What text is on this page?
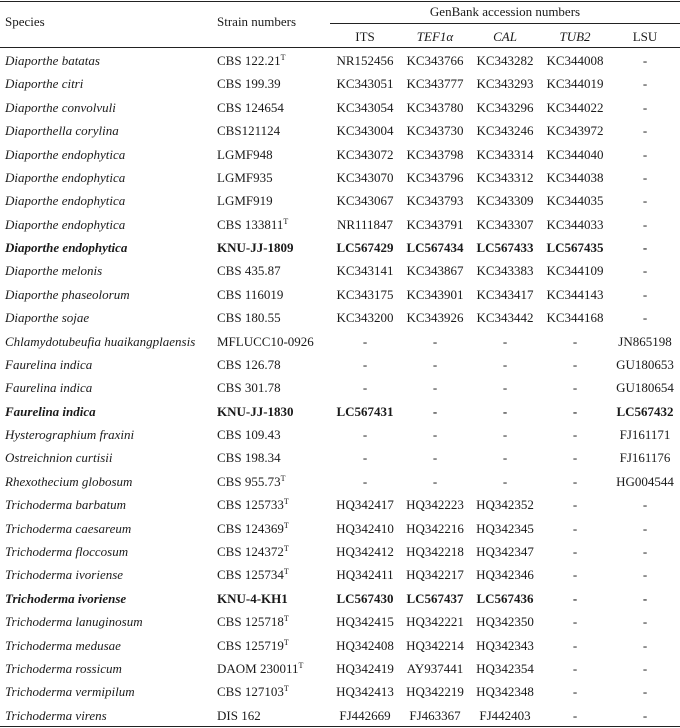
Species	Strain numbers
GenBank accession numbers
ITS	TEF1α	CAL	TUB2	LSU
Diaporthe batatas	CBS $122.21^T$	NR152456 KC343766 KC343282 KC344008	-
Diaporthe citri	CBS 199.39	KC343051 KC343777 KC343293 KC344019	-
Diaporthe convolvuli	CBS 124654	KC343054 KC343780 KC343296 KC344022	-
Diaporthella corylina	CBS121124	KC343004 KC343730 KC343246 KC343972	-
Diaporthe endophytica	LGMF948	KC343072 KC343798 KC343314 KC344040	-
Diaporthe endophytica	LGMF935	KC343070 KC343796 KC343312 KC344038	-
Diaporthe endophytica	LGMF919	KC343067 KC343793 KC343309 KC344035	-
Diaporthe endophytica	CBS $133811^T$	NR111847	KC343791 KC343307 KC344033	-
Diaporthe endophytica	KNU-JJ-1809	LC567429 LC567434 LC567433 LC567435	-
Diaporthe melonis	CBS 435.87	KC343141 KC343867 KC343383 KC344109	-
Diaporthe phaseolorum	CBS 116019	KC343175 KC343901 KC343417 KC344143	-
Diaporthe sojae	CBS 180.55	KC343200 KC343926 KC343442 KC344168	-
Chlamydotubeufia huaikangplaensis MFLUCC10-0926	-	-	-	-	JN865198
Faurelina indica	CBS 126.78	-	-	-	-	GU180653
Faurelina indica	CBS 301.78	-	-	-	-	GU180654
Faurelina indica	KNU-JJ-1830	LC567431	-	-	-	LC567432
Hysterographium fraxini	CBS 109.43	-	-	-	-	FJ161171
Ostreichnion curtisii	CBS 198.34	-	-	-	-	FJ161176
Rhexothecium globosum	CBS $955.73^T$	-	-	-	-	HG004544
Trichoderma barbatum	CBS $125733^T$	HQ342417 HQ342223 HQ342352	-	-
Trichoderma caesareum	CBS $124369^T$	HQ342410 HQ342216 HQ342345	-	-
Trichoderma floccosum	CBS $124372^T$	HQ342412 HQ342218 HQ342347	-	-
Trichoderma ivoriense	CBS $125734^T$	HQ342411 HQ342217 HQ342346	-	-
Trichoderma ivoriense	KNU-4-KH1	LC567430 LC567437 LC567436	-	-
Trichoderma lanuginosum	CBS $125718^T$	HQ342415 HQ342221 HQ342350	-	-
Trichoderma medusae	CBS $125719^T$	HQ342408 HQ342214 HQ342343	-	-
Trichoderma rossicum	DAOM $230011^T$	HQ342419 AY937441 HQ342354	-	-
Trichoderma vermipilum	CBS $127103^T$	HQ342413 HQ342219 HQ342348	-	-
Trichoderma virens	DIS 162	FJ442669	FJ463367	FJ442403	-	-
